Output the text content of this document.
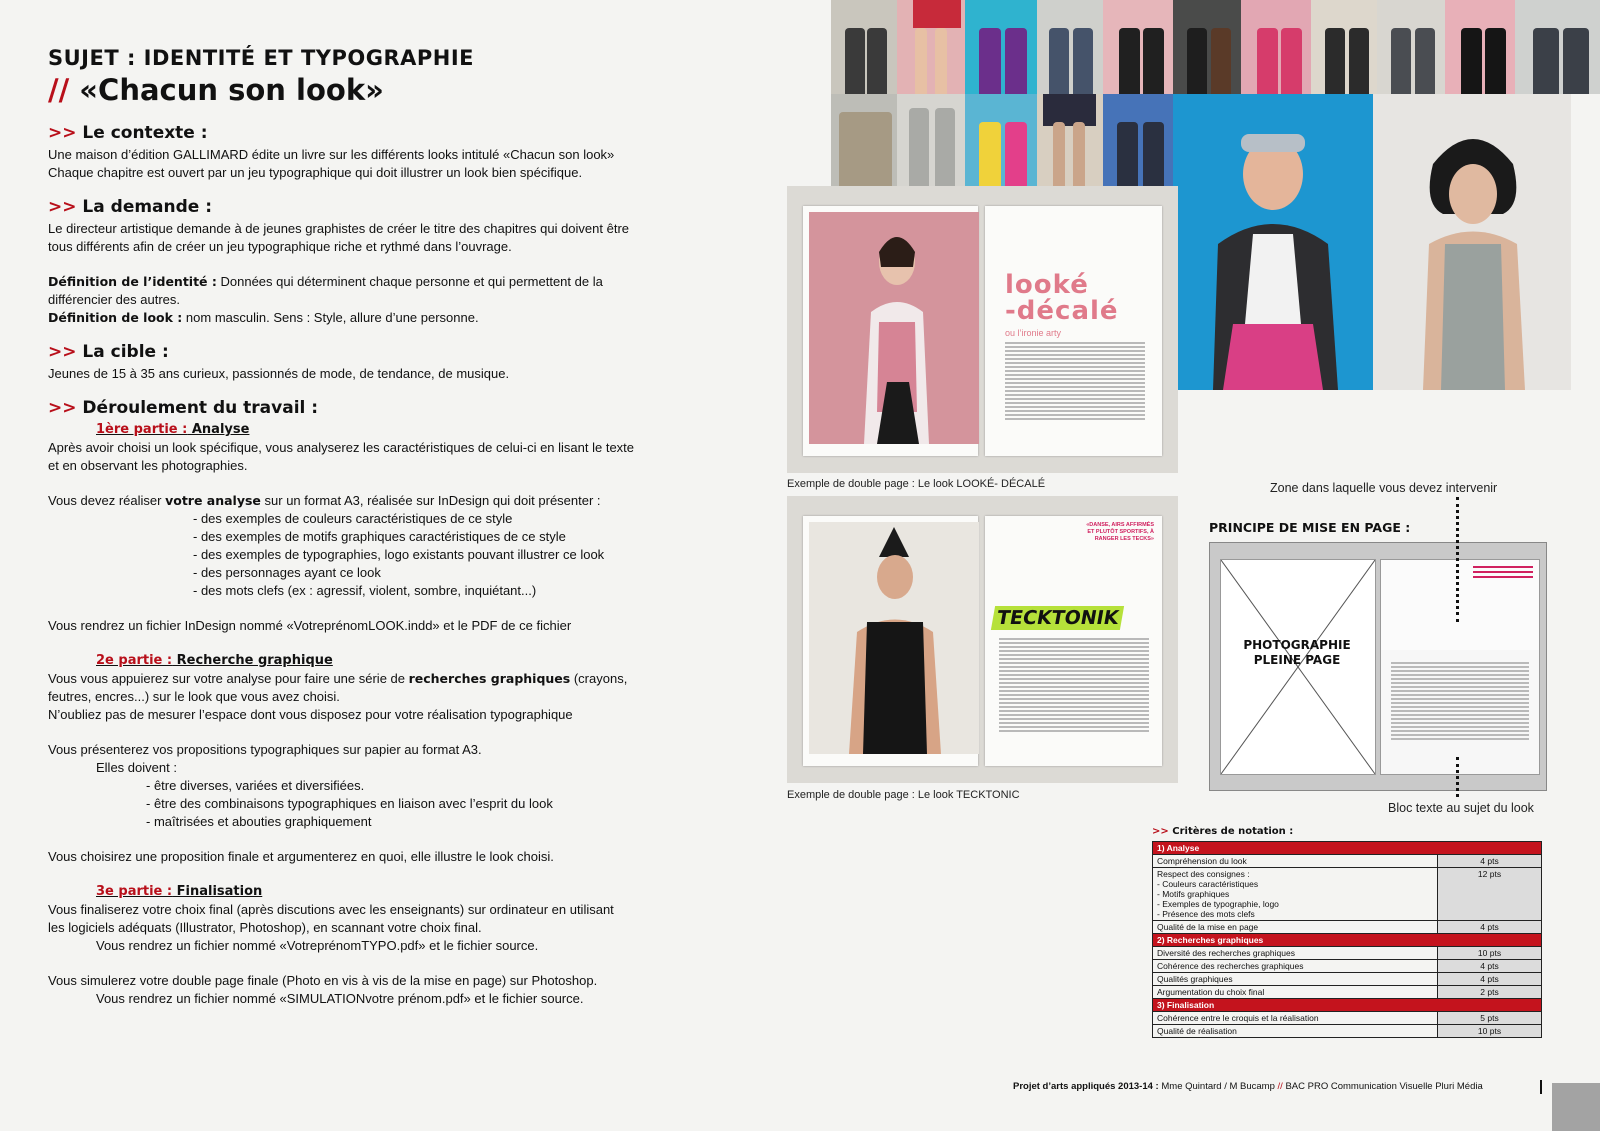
SUJET : IDENTITÉ ET TYPOGRAPHIE

// «Chacun son look»

>> Le contexte :

Une maison d’édition GALLIMARD édite un livre sur les différents looks intitulé «Chacun son look»

Chaque chapitre est ouvert par un jeu typographique qui doit illustrer un look bien spécifique.

>> La demande :

Le directeur artistique demande à de jeunes graphistes de créer le titre des chapitres qui doivent être

tous différents afin de créer un jeu typographique riche et rythmé dans l’ouvrage.

Définition de l’identité : Données qui déterminent chaque personne et qui permettent de la

différencier des autres.

Définition de look : nom masculin. Sens : Style, allure d’une personne.

>> La cible :

Jeunes de 15 à 35 ans curieux, passionnés de mode, de tendance, de musique.

>> Déroulement du travail :

1ère partie : Analyse

Après avoir choisi un look spécifique, vous analyserez les caractéristiques de celui-ci en lisant le texte

et en observant les photographies.

Vous devez réaliser votre analyse sur un format A3, réalisée sur InDesign qui doit présenter :

- des exemples de couleurs caractéristiques de ce style

- des exemples de motifs graphiques caractéristiques de ce style

- des exemples de typographies, logo existants pouvant illustrer ce look

- des personnages ayant ce look

- des mots clefs (ex : agressif, violent, sombre, inquiétant...)

Vous rendrez un fichier InDesign nommé «VotreprénomLOOK.indd» et le PDF de ce fichier

2e partie : Recherche graphique

Vous vous appuierez sur votre analyse pour faire une série de recherches graphiques (crayons,

feutres, encres...) sur le look que vous avez choisi.

N’oubliez pas de mesurer l’espace dont vous disposez pour votre réalisation typographique

Vous présenterez vos propositions typographiques sur papier au format A3.

Elles doivent :

- être diverses, variées et diversifiées.

- être des combinaisons typographiques en liaison avec l’esprit du look

- maîtrisées et abouties graphiquement

Vous choisirez une proposition finale et argumenterez en quoi, elle illustre le look choisi.

3e partie : Finalisation

Vous finaliserez votre choix final (après discutions avec les enseignants) sur ordinateur en utilisant

les logiciels adéquats (Illustrator, Photoshop), en scannant votre choix final.

Vous rendrez un fichier nommé «VotreprénomTYPO.pdf» et le fichier source.

Vous simulerez votre double page finale (Photo en vis à vis de la mise en page) sur Photoshop.

Vous rendrez un fichier nommé «SIMULATIONvotre prénom.pdf» et le fichier source.

looké
-décalé
ou l’ironie arty
Exemple de double page : Le look LOOKÉ- DÉCALÉ
«DANSE, AIRS AFFIRMÉS ET PLUTÔT SPORTIFS, À RANGER LES TECKS»
TECKTONIK
Exemple de double page : Le look TECKTONIC
Zone dans laquelle vous devez intervenir
PRINCIPE DE MISE EN PAGE :
PHOTOGRAPHIE
PLEINE PAGE
Bloc texte au sujet du look
>> Critères de notation :
1) Analyse	
Compréhension du look	4 pts

Respect des consignes :
- Couleurs caractéristiques
- Motifs graphiques
- Exemples de typographie, logo
- Présence des mots clefs	12 pts
Qualité de la mise en page	4 pts
2) Recherches graphiques	
Diversité des recherches graphiques	10 pts
Cohérence des recherches graphiques	4 pts
Qualités graphiques	4 pts
Argumentation du choix final	2 pts
3) Finalisation	
Cohérence entre le croquis et la réalisation	5 pts
Qualité de réalisation	10 pts
Projet d’arts appliqués 2013-14 : Mme Quintard / M Bucamp // BAC PRO Communication Visuelle Pluri Média
